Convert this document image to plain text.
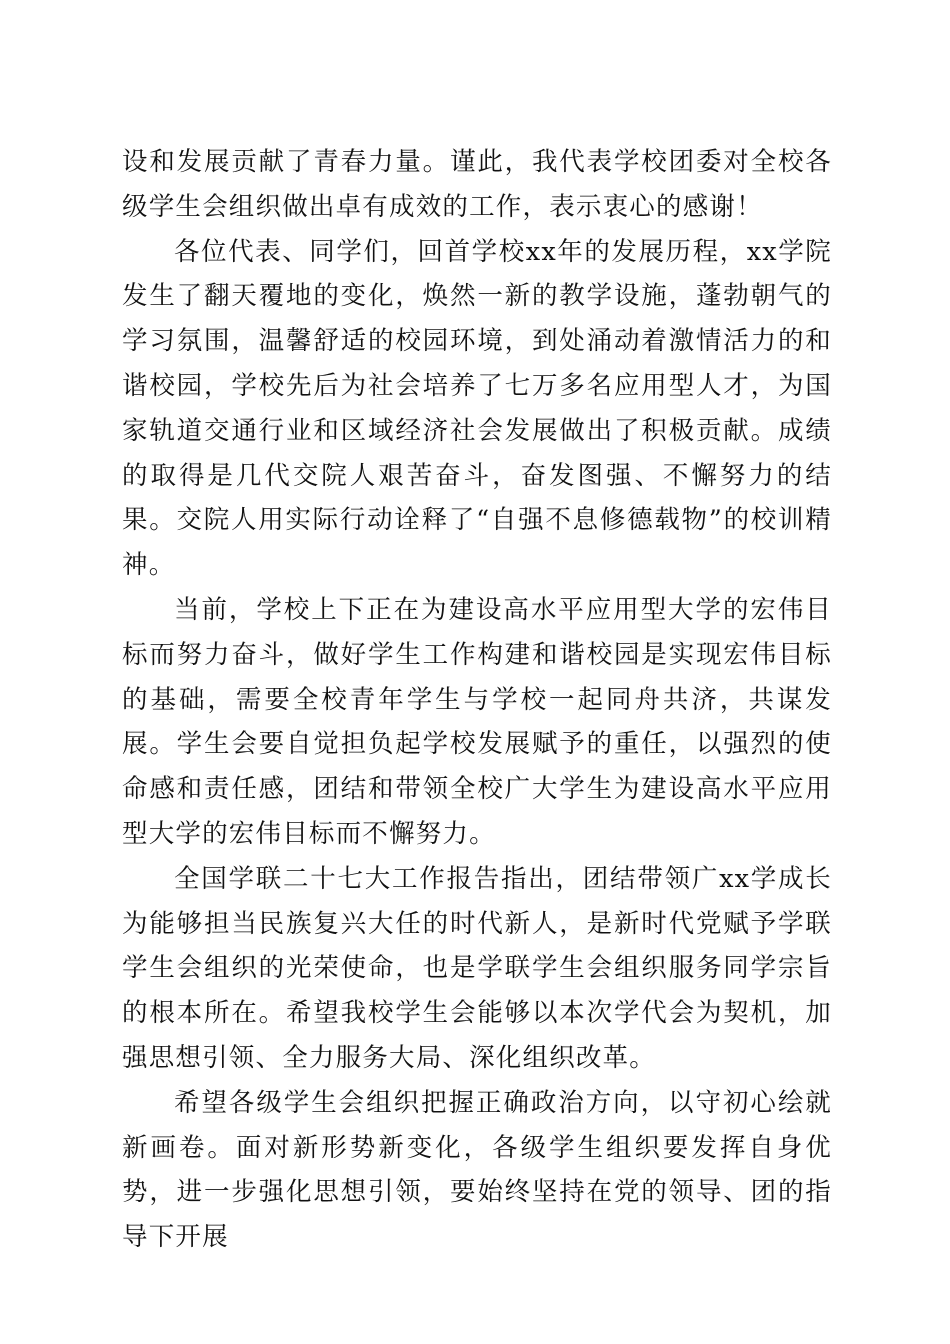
设和发展贡献了青春力量。谨此，我代表学校团委对全校各级学生会组织做出卓有成效的工作，表示衷心的感谢！

各位代表、同学们，回首学校xx年的发展历程，xx学院发生了翻天覆地的变化，焕然一新的教学设施，蓬勃朝气的学习氛围，温馨舒适的校园环境，到处涌动着激情活力的和谐校园，学校先后为社会培养了七万多名应用型人才，为国家轨道交通行业和区域经济社会发展做出了积极贡献。成绩的取得是几代交院人艰苦奋斗，奋发图强、不懈努力的结果。交院人用实际行动诠释了“自强不息修德载物”的校训精神。

当前，学校上下正在为建设高水平应用型大学的宏伟目标而努力奋斗，做好学生工作构建和谐校园是实现宏伟目标的基础，需要全校青年学生与学校一起同舟共济，共谋发展。学生会要自觉担负起学校发展赋予的重任，以强烈的使命感和责任感，团结和带领全校广大学生为建设高水平应用型大学的宏伟目标而不懈努力。

全国学联二十七大工作报告指出，团结带领广xx学成长为能够担当民族复兴大任的时代新人，是新时代党赋予学联学生会组织的光荣使命，也是学联学生会组织服务同学宗旨的根本所在。希望我校学生会能够以本次学代会为契机，加强思想引领、全力服务大局、深化组织改革。

希望各级学生会组织把握正确政治方向，以守初心绘就新画卷。面对新形势新变化，各级学生组织要发挥自身优势，进一步强化思想引领，要始终坚持在党的领导、团的指导下开展
